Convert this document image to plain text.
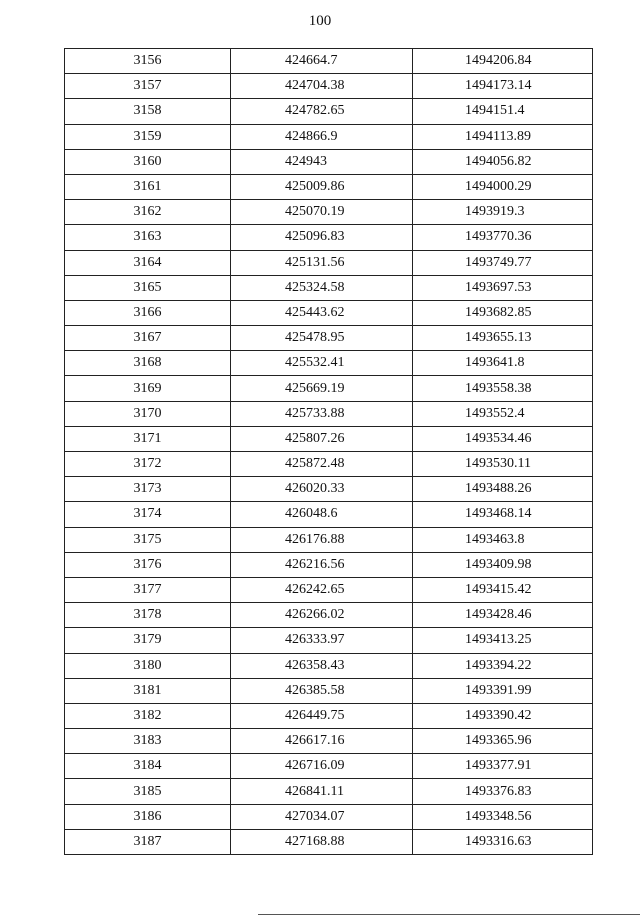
100
3156	424664.7	1494206.84
3157	424704.38	1494173.14
3158	424782.65	1494151.4
3159	424866.9	1494113.89
3160	424943	1494056.82
3161	425009.86	1494000.29
3162	425070.19	1493919.3
3163	425096.83	1493770.36
3164	425131.56	1493749.77
3165	425324.58	1493697.53
3166	425443.62	1493682.85
3167	425478.95	1493655.13
3168	425532.41	1493641.8
3169	425669.19	1493558.38
3170	425733.88	1493552.4
3171	425807.26	1493534.46
3172	425872.48	1493530.11
3173	426020.33	1493488.26
3174	426048.6	1493468.14
3175	426176.88	1493463.8
3176	426216.56	1493409.98
3177	426242.65	1493415.42
3178	426266.02	1493428.46
3179	426333.97	1493413.25
3180	426358.43	1493394.22
3181	426385.58	1493391.99
3182	426449.75	1493390.42
3183	426617.16	1493365.96
3184	426716.09	1493377.91
3185	426841.11	1493376.83
3186	427034.07	1493348.56
3187	427168.88	1493316.63
